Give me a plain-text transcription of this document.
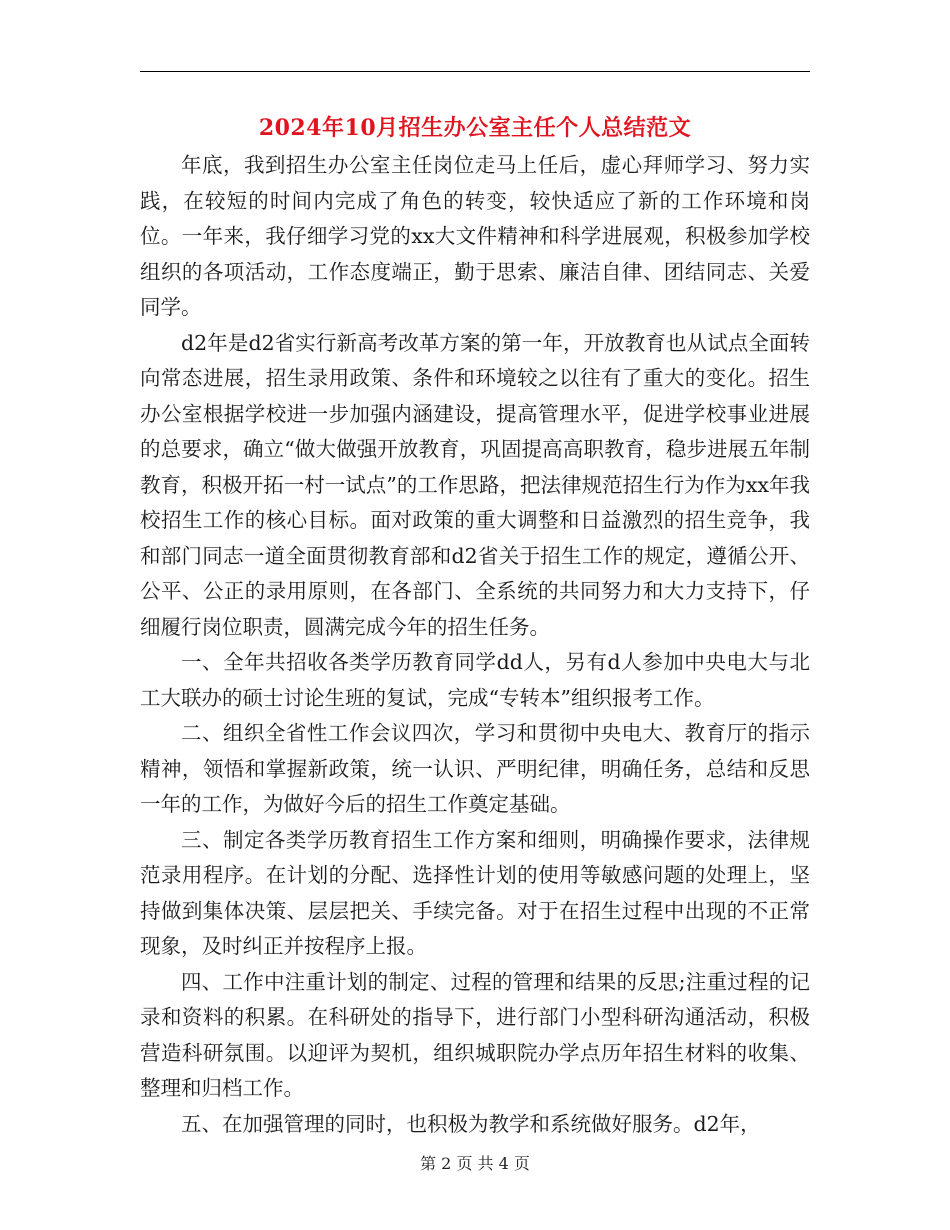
2024年10月招生办公室主任个人总结范文

年底，我到招生办公室主任岗位走马上任后，虚心拜师学习、努力实践，在较短的时间内完成了角色的转变，较快适应了新的工作环境和岗位。一年来，我仔细学习党的xx大文件精神和科学进展观，积极参加学校组织的各项活动，工作态度端正，勤于思索、廉洁自律、团结同志、关爱同学。

d2年是d2省实行新高考改革方案的第一年，开放教育也从试点全面转向常态进展，招生录用政策、条件和环境较之以往有了重大的变化。招生办公室根据学校进一步加强内涵建设，提高管理水平，促进学校事业进展的总要求，确立“做大做强开放教育，巩固提高高职教育，稳步进展五年制教育，积极开拓一村一试点”的工作思路，把法律规范招生行为作为xx年我校招生工作的核心目标。面对政策的重大调整和日益激烈的招生竞争，我和部门同志一道全面贯彻教育部和d2省关于招生工作的规定，遵循公开、公平、公正的录用原则，在各部门、全系统的共同努力和大力支持下，仔细履行岗位职责，圆满完成今年的招生任务。

一、全年共招收各类学历教育同学dd人，另有d人参加中央电大与北工大联办的硕士讨论生班的复试，完成“专转本”组织报考工作。

二、组织全省性工作会议四次，学习和贯彻中央电大、教育厅的指示精神，领悟和掌握新政策，统一认识、严明纪律，明确任务，总结和反思一年的工作，为做好今后的招生工作奠定基础。

三、制定各类学历教育招生工作方案和细则，明确操作要求，法律规范录用程序。在计划的分配、选择性计划的使用等敏感问题的处理上，坚持做到集体决策、层层把关、手续完备。对于在招生过程中出现的不正常现象，及时纠正并按程序上报。

四、工作中注重计划的制定、过程的管理和结果的反思;注重过程的记录和资料的积累。在科研处的指导下，进行部门小型科研沟通活动，积极营造科研氛围。以迎评为契机，组织城职院办学点历年招生材料的收集、整理和归档工作。

五、在加强管理的同时，也积极为教学和系统做好服务。d2年，

第 2 页 共 4 页
